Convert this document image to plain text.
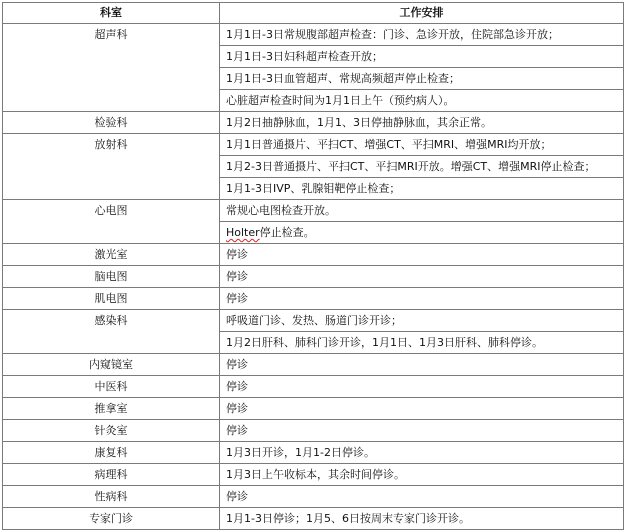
科室	工作安排
超声科	1月1日-3日常规腹部超声检查：门诊、急诊开放，住院部急诊开放；
	1月1日-3日妇科超声检查开放；
	1月1日-3日血管超声、常规高频超声停止检查；
	心脏超声检查时间为1月1日上午（预约病人）。
检验科	1月2日抽静脉血，1月1、3日停抽静脉血，其余正常。
放射科	1月1日普通摄片、平扫CT、增强CT、平扫MRI、增强MRI均开放；
	1月2-3日普通摄片、平扫CT、平扫MRI开放。增强CT、增强MRI停止检查；
	1月1-3日IVP、乳腺钼靶停止检查；
心电图	常规心电图检查开放。
	Holter停止检查。
激光室	停诊
脑电图	停诊
肌电图	停诊
感染科	呼吸道门诊、发热、肠道门诊开诊；
	1月2日肝科、肺科门诊开诊，1月1日、1月3日肝科、肺科停诊。
内窥镜室	停诊
中医科	停诊
推拿室	停诊
针灸室	停诊
康复科	1月3日开诊，1月1-2日停诊。
病理科	1月3日上午收标本，其余时间停诊。
性病科	停诊
专家门诊	1月1-3日停诊；1月5、6日按周末专家门诊开诊。
